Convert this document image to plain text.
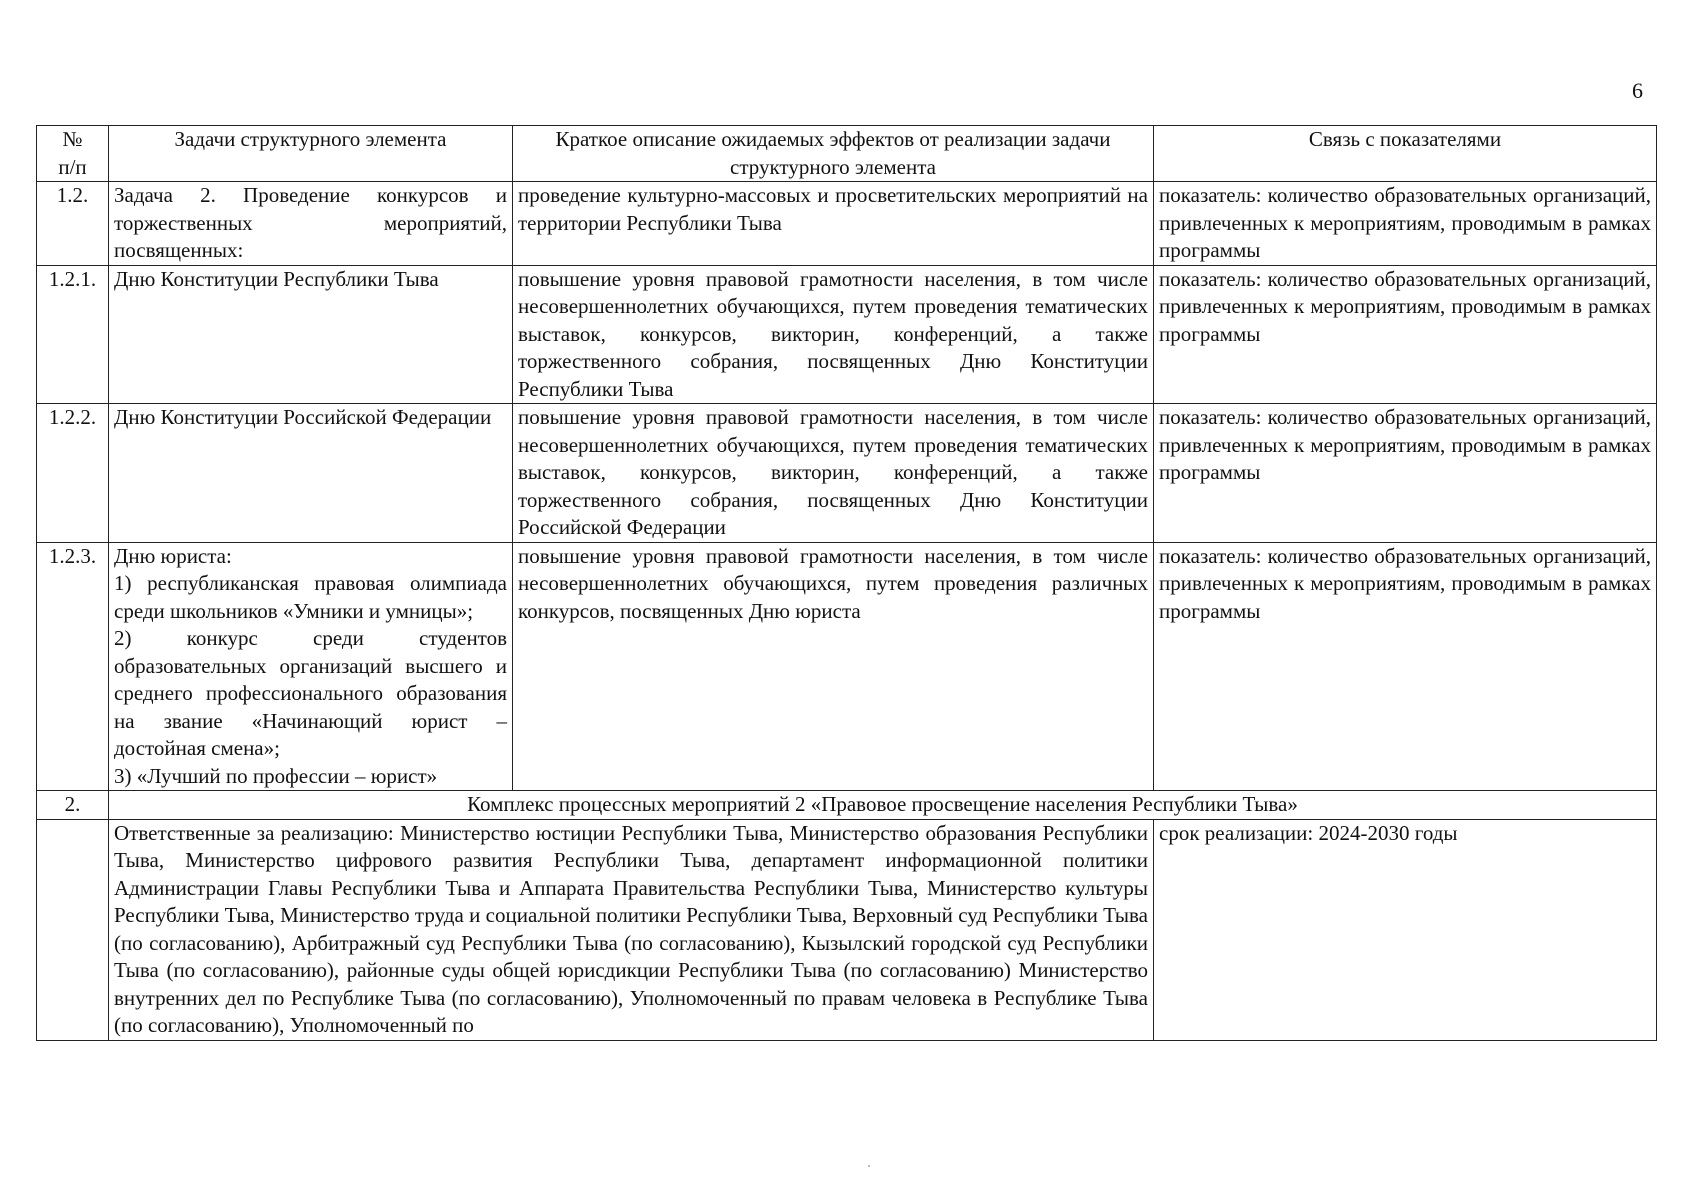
6
№
п/п	Задачи структурного элемента	Краткое описание ожидаемых эффектов от реализации задачи структурного элемента	Связь с показателями
1.2.	Задача 2. Проведение конкурсов и торжественных мероприятий, посвященных:	проведение культурно-массовых и просветительских мероприятий на территории Республики Тыва	показатель: количество образовательных организаций, привлеченных к мероприятиям, проводимым в рамках программы
1.2.1.	Дню Конституции Республики Тыва	повышение уровня правовой грамотности населения, в том числе несовершеннолетних обучающихся, путем проведения тематических выставок, конкурсов, викторин, конференций, а также торжественного собрания, посвященных Дню Конституции Республики Тыва	показатель: количество образовательных организаций, привлеченных к мероприятиям, проводимым в рамках программы
1.2.2.	Дню Конституции Российской Федерации	повышение уровня правовой грамотности населения, в том числе несовершеннолетних обучающихся, путем проведения тематических выставок, конкурсов, викторин, конференций, а также торжественного собрания, посвященных Дню Конституции Российской Федерации	показатель: количество образовательных организаций, привлеченных к мероприятиям, проводимым в рамках программы
1.2.3.	Дню юриста:
1) республиканская правовая олимпиада среди школьников «Умники и умницы»;
2) конкурс среди студентов образовательных организаций высшего и среднего профессионального образования на звание «Начинающий юрист – достойная смена»;
3) «Лучший по профессии – юрист»	повышение уровня правовой грамотности населения, в том числе несовершеннолетних обучающихся, путем проведения различных конкурсов, посвященных Дню юриста	показатель: количество образовательных организаций, привлеченных к мероприятиям, проводимым в рамках программы
2.	Комплекс процессных мероприятий 2 «Правовое просвещение населения Республики Тыва»		
	Ответственные за реализацию: Министерство юстиции Республики Тыва, Министерство образования Республики Тыва, Министерство цифрового развития Республики Тыва, департамент информационной политики Администрации Главы Республики Тыва и Аппарата Правительства Республики Тыва, Министерство культуры Республики Тыва, Министерство труда и социальной политики Республики Тыва, Верховный суд Республики Тыва (по согласованию), Арбитражный суд Республики Тыва (по согласованию), Кызылский городской суд Республики Тыва (по согласованию), районные суды общей юрисдикции Республики Тыва (по согласованию) Министерство внутренних дел по Республике Тыва (по согласованию), Уполномоченный по правам человека в Республике Тыва (по согласованию), Уполномоченный по		срок реализации: 2024-2030 годы
